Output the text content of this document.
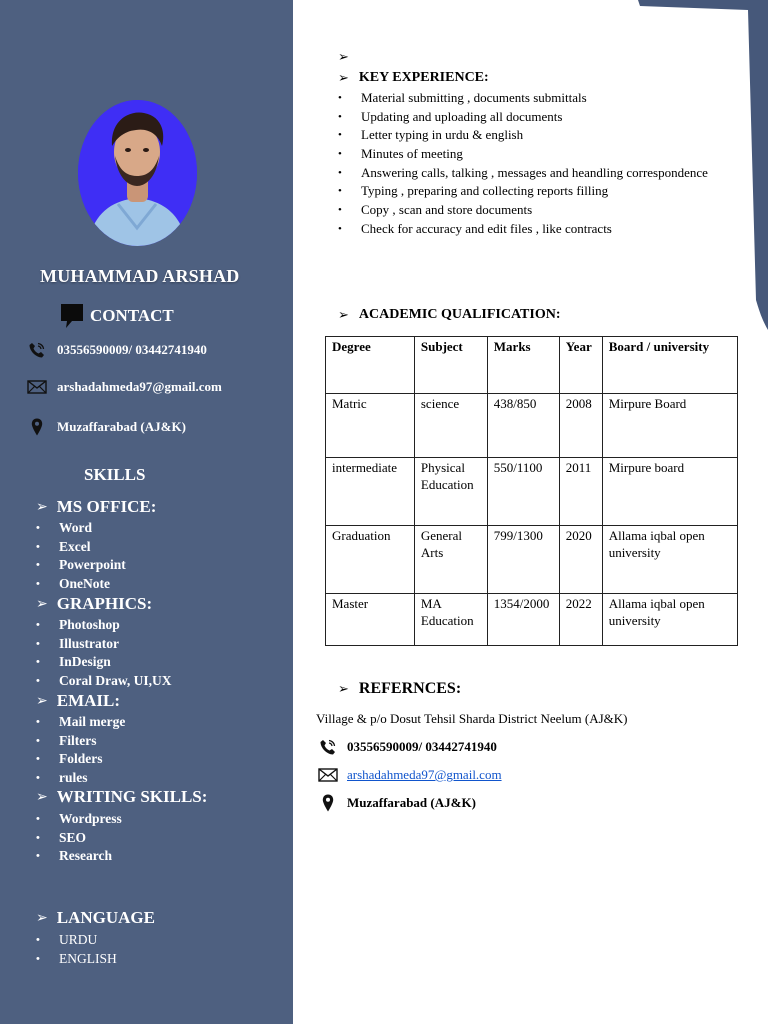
MUHAMMAD ARSHAD
CONTACT
03556590009/ 03442741940
arshadahmeda97@gmail.com
Muzaffarabad (AJ&K)
SKILLS
➢ MS OFFICE:
• Word
• Excel
• Powerpoint
• OneNote
➢ GRAPHICS:
• Photoshop
• Illustrator
• InDesign
• Coral Draw, UI,UX
➢ EMAIL:
• Mail merge
• Filters
• Folders
• rules
➢ WRITING SKILLS:
• Wordpress
• SEO
• Research
➢ LANGUAGE
• URDU
• ENGLISH
➢
➢ KEY EXPERIENCE:
• Material submitting , documents submittals
• Updating and uploading all documents
• Letter typing in urdu & english
• Minutes of meeting
• Answering calls, talking , messages and heandling correspondence
• Typing , preparing and collecting reports filling
• Copy , scan and store documents
• Check for accuracy and edit files , like contracts
➢ ACADEMIC QUALIFICATION:
Degree	Subject	Marks	Year	Board / university
Matric	science	438/850	2008	Mirpure Board
intermediate	Physical Education	550/1100	2011	Mirpure board
Graduation	General Arts	799/1300	2020	Allama iqbal open university
Master	MA Education	1354/2000	2022	Allama iqbal open university
➢ REFERNCES:
Village & p/o Dosut Tehsil Sharda District Neelum (AJ&K)
03556590009/ 03442741940
arshadahmeda97@gmail.com
Muzaffarabad (AJ&K)
